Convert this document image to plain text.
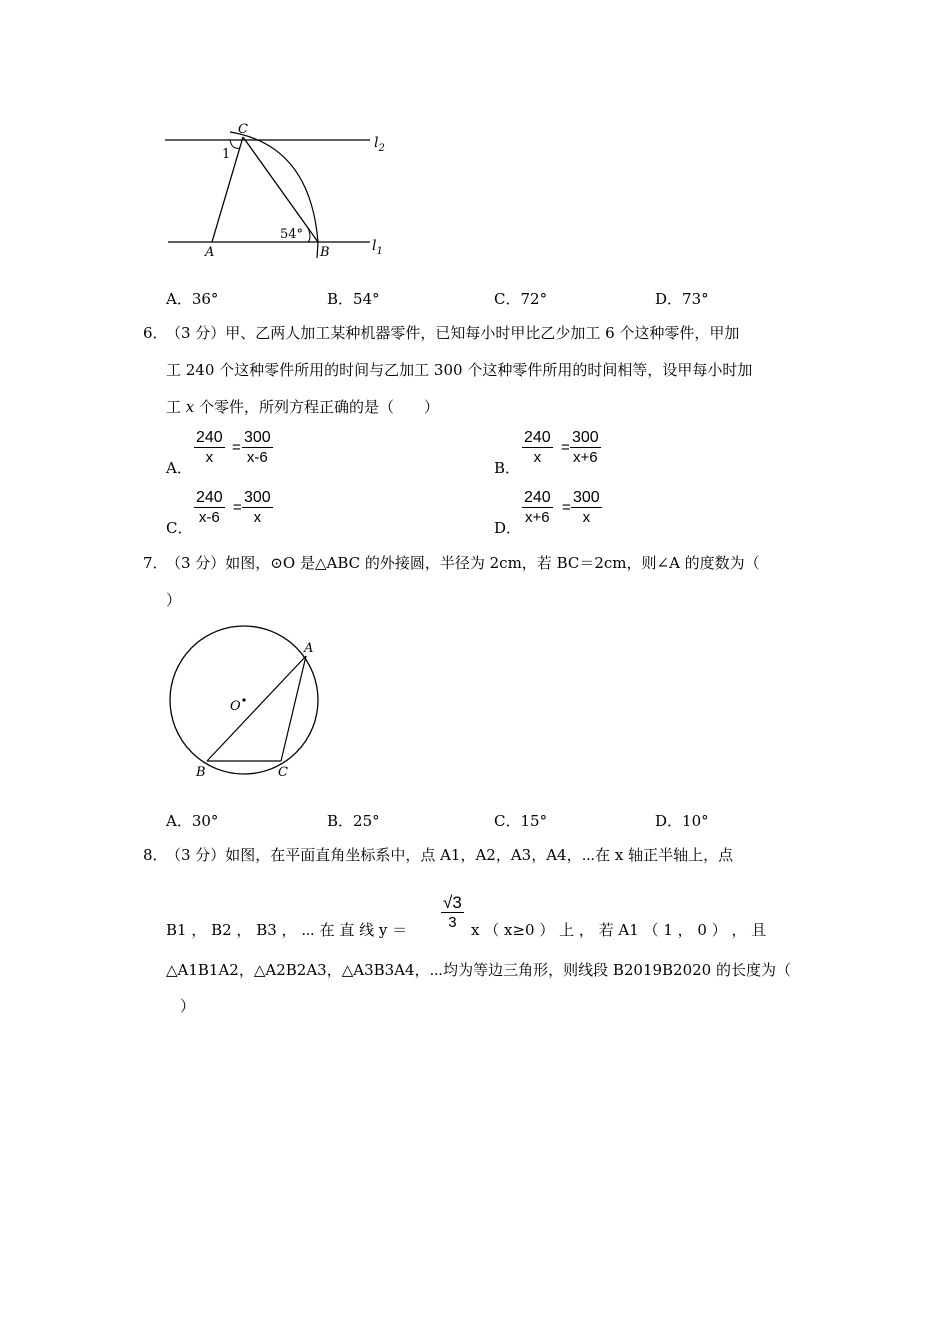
C
1
54°
A	B
$l_2$
$l_1$
A．36°	B．54°	C．72°	D．73°
6．
（3 分）甲、乙两人加工某种机器零件，已知每小时甲比乙少加工 6 个这种零件，甲加
工 240 个这种零件所用的时间与乙加工 300 个这种零件所用的时间相等，设甲每小时加
工 x 个零件，所列方程正确的是（　　）
A．
$\frac{240}{x} = \frac{300}{x-6}$
B．
$\frac{240}{x} = \frac{300}{x+6}$
C．
$\frac{240}{x-6} = \frac{300}{x}$
D．
$\frac{240}{x+6} = \frac{300}{x}$
7．
（3 分）如图，⊙O 是△ABC 的外接圆，半径为 2cm，若 BC＝2cm，则∠A 的度数为（
）
A
O
B	C
A．30°	B．25°	C．15°	D．10°
8．
（3 分）如图，在平面直角坐标系中，点 A1，A2，A3，A4，⋯在 x 轴正半轴上，点
B1 ， B2 ， B3 ， ⋯ 在 直 线 $y = \frac{√3}{3}$ x （ x≥0 ） 上 ， 若 A1 （ 1 ， 0 ） ， 且
△A1B1A2，△A2B2A3，△A3B3A4，⋯均为等边三角形，则线段 B2019B2020 的长度为（
）
